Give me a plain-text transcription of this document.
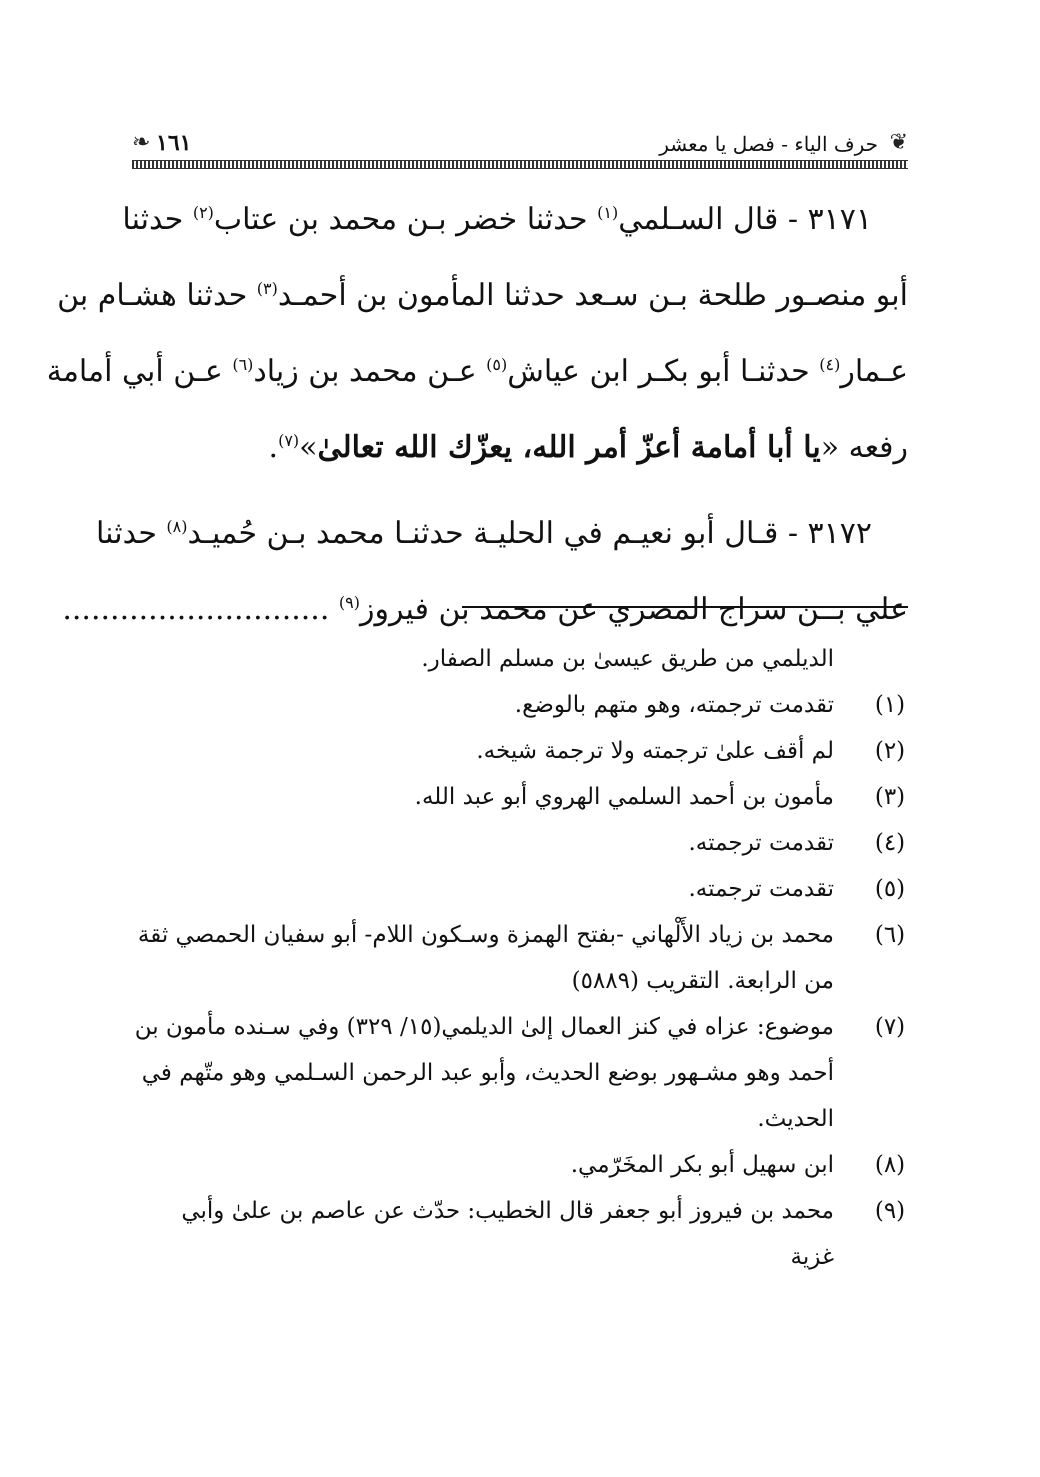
❦
حرف الياء - فصل يا معشر
١٦١
❧
٣١٧١ - قال السـلمي$^{(١)}$ حدثنا خضر بـن محمد بن عتاب$^{(٢)}$ حدثنا
أبو منصـور طلحة بـن سـعد حدثنا المأمون بن أحمـد$^{(٣)}$ حدثنا هشـام بن
عـمار$^{(٤)}$ حدثنـا أبو بكـر ابن عياش$^{(٥)}$ عـن محمد بن زياد$^{(٦)}$ عـن أبي أمامة
رفعه «يا أبا أمامة أعزّ أمر الله، يعزّك الله تعالىٰ»$^{(٧)}$.
٣١٧٢ - قـال أبو نعيـم في الحليـة حدثنـا محمد بـن حُميـد$^{(٨)}$ حدثنا
علي بــن سراج المصري عن محمد بن فيروز$^{(٩)}$ ............................
الديلمي من طريق عيسىٰ بن مسلم الصفار.
(١)
تقدمت ترجمته، وهو متهم بالوضع.
(٢)
لم أقف علىٰ ترجمته ولا ترجمة شيخه.
(٣)
مأمون بن أحمد السلمي الهروي أبو عبد الله.
(٤)
تقدمت ترجمته.
(٥)
تقدمت ترجمته.
(٦)
محمد بن زياد الأَلْهاني -بفتح الهمزة وسـكون اللام- أبو سفيان الحمصي ثقة
من الرابعة. التقريب (٥٨٨٩)
(٧)
موضوع: عزاه في كنز العمال إلىٰ الديلمي(١٥/ ٣٢٩) وفي سـنده مأمون بن
أحمد وهو مشـهور بوضع الحديث، وأبو عبد الرحمن السـلمي وهو متّهم في
الحديث.
(٨)
ابن سهيل أبو بكر المخَرّمي.
(٩)
محمد بن فيروز أبو جعفر قال الخطيب: حدّث عن عاصم بن علىٰ وأبي غزية
